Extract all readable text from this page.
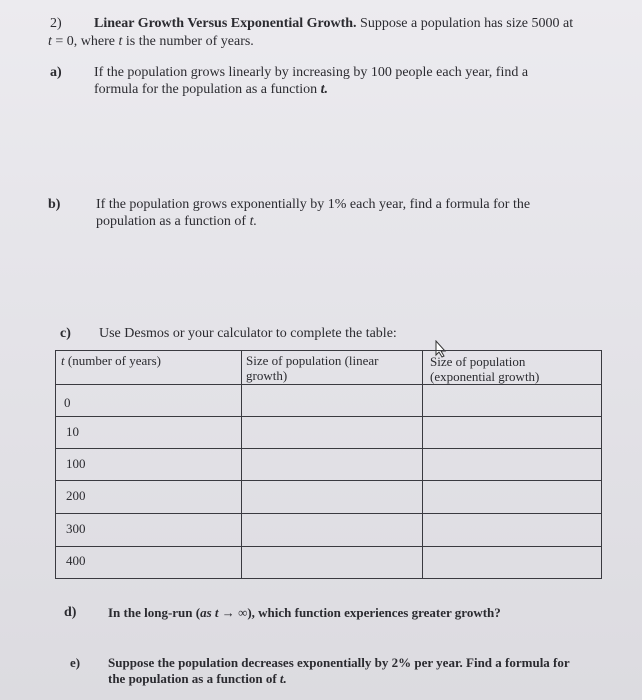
2) Linear Growth Versus Exponential Growth. Suppose a population has size 5000 at

t = 0, where t is the number of years.

a) If the population grows linearly by increasing by 100 people each year, find a

formula for the population as a function t.

b)	If the population grows exponentially by 1% each year, find a formula for the

population as a function of t.

c) Use Desmos or your calculator to complete the table:

t (number of years)	Size of population (linear
growth)
Size of population
(exponential growth)
0
10
100
200
300
400

d) In the long-run (as t → ∞), which function experiences greater growth?

e) Suppose the population decreases exponentially by 2% per year. Find a formula for

the population as a function of t.
